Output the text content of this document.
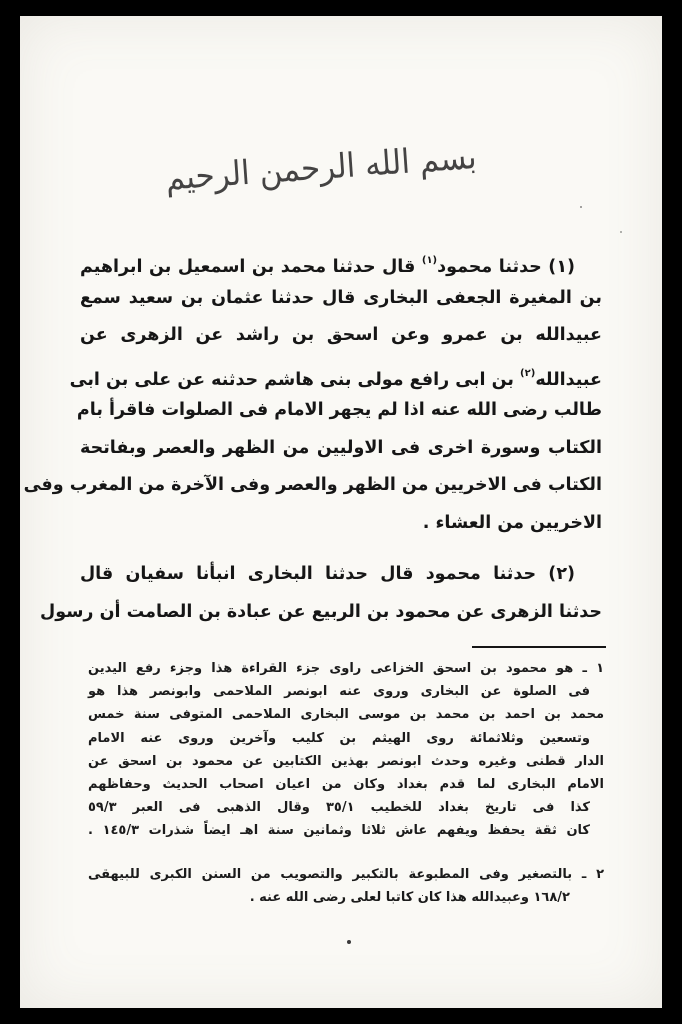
بسم الله الرحمن الرحيم
(١) حدثنا محمود$^{(١)}$ قال حدثنا محمد بن اسمعيل بن ابراهيم
بن المغيرة الجعفى البخارى قال حدثنا عثمان بن سعيد سمع
عبيدالله بن عمرو وعن اسحق بن راشد عن الزهرى عن
عبيدالله$^{(٢)}$ بن ابى رافع مولى بنى هاشم حدثنه عن على بن ابى
طالب رضى الله عنه اذا لم يجهر الامام فى الصلوات فاقرأ بام
الكتاب وسورة اخرى فى الاوليين من الظهر والعصر وبفاتحة
الكتاب فى الاخريين من الظهر والعصر وفى الآخرة من المغرب وفى
الاخريين من العشاء .
(٢) حدثنا محمود قال حدثنا البخارى انبأنا سفيان قال
حدثنا الزهرى عن محمود بن الربيع عن عبادة بن الصامت أن رسول
١ ـ هو محمود بن اسحق الخزاعى راوى جزء القراءة هذا وجزء رفع اليدين
فى الصلوة عن البخارى وروى عنه ابونصر الملاحمى وابونصر هذا هو
محمد بن احمد بن محمد بن موسى البخارى الملاحمى المتوفى سنة خمس
وتسعين وثلاثمائة روى الهيثم بن كليب وآخرين وروى عنه الامام
الدار قطنى وغيره وحدث ابونصر بهذين الكتابين عن محمود بن اسحق عن
الامام البخارى لما قدم بغداد وكان من اعيان اصحاب الحديث وحفاظهم
كذا فى تاريخ بغداد للخطيب ٣٥/١ وقال الذهبى فى العبر ٥٩/٣
كان ثقة يحفظ ويفهم عاش ثلاثا وثمانين سنة اهـ ايضاً شذرات ١٤٥/٣ .
٢ ـ بالتصغير وفى المطبوعة بالتكبير والتصويب من السنن الكبرى للبيهقى
١٦٨/٢ وعبيدالله هذا كان كاتبا لعلى رضى الله عنه .
